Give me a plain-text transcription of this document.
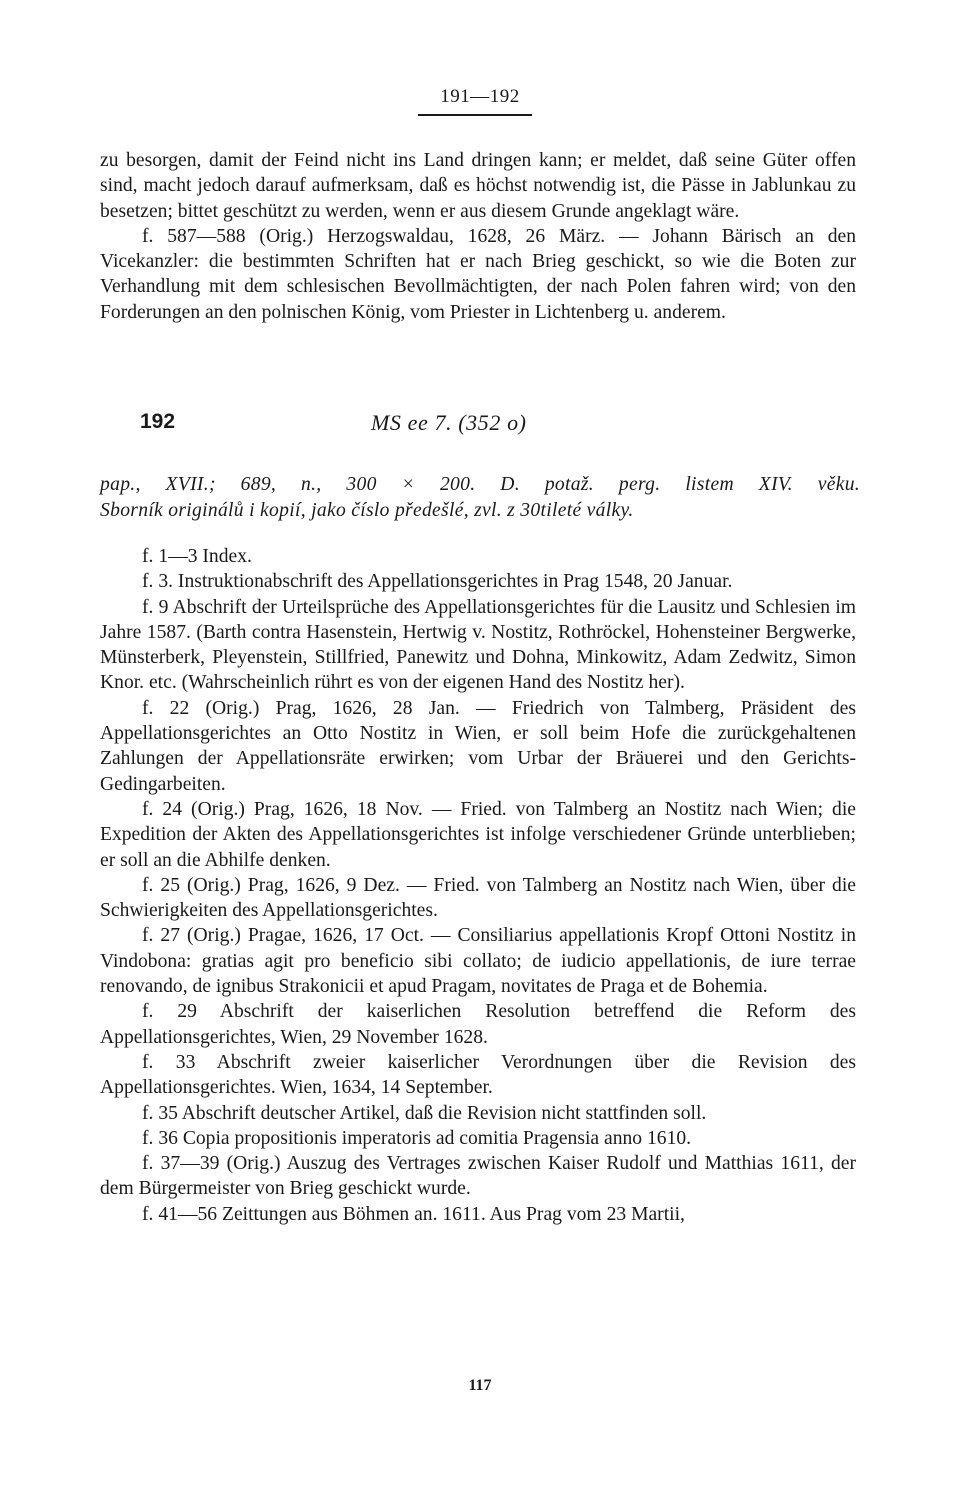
191—192

zu besorgen, damit der Feind nicht ins Land dringen kann; er meldet, daß seine Güter offen sind, macht jedoch darauf aufmerksam, daß es höchst notwendig ist, die Pässe in Jablunkau zu besetzen; bittet geschützt zu werden, wenn er aus diesem Grunde angeklagt wäre.

f. 587—588 (Orig.) Herzogswaldau, 1628, 26 März. — Johann Bärisch an den Vicekanzler: die bestimmten Schriften hat er nach Brieg geschickt, so wie die Boten zur Verhandlung mit dem schlesischen Bevollmächtigten, der nach Polen fahren wird; von den Forderungen an den polnischen König, vom Priester in Lichtenberg u. anderem.

192	MS ee 7. (352 o)

pap., XVII.; 689, n., 300 × 200. D. potaž. perg. listem XIV. věku.

Sborník originálů i kopií, jako číslo předešlé, zvl. z 30tileté války.

f. 1—3 Index.

f. 3. Instruktionabschrift des Appellationsgerichtes in Prag 1548, 20 Januar.

f. 9 Abschrift der Urteilsprüche des Appellationsgerichtes für die Lausitz und Schlesien im Jahre 1587. (Barth contra Hasenstein, Hertwig v. Nostitz, Rothröckel, Hohensteiner Bergwerke, Münsterberk, Pleyenstein, Stillfried, Panewitz und Dohna, Minkowitz, Adam Zedwitz, Simon Knor. etc. (Wahrscheinlich rührt es von der eigenen Hand des Nostitz her).

f. 22 (Orig.) Prag, 1626, 28 Jan. — Friedrich von Talmberg, Präsident des Appellationsgerichtes an Otto Nostitz in Wien, er soll beim Hofe die zurückgehaltenen Zahlungen der Appellationsräte erwirken; vom Urbar der Bräuerei und den Gerichts-Gedingarbeiten.

f. 24 (Orig.) Prag, 1626, 18 Nov. — Fried. von Talmberg an Nostitz nach Wien; die Expedition der Akten des Appellationsgerichtes ist infolge verschiedener Gründe unterblieben; er soll an die Abhilfe denken.

f. 25 (Orig.) Prag, 1626, 9 Dez. — Fried. von Talmberg an Nostitz nach Wien, über die Schwierigkeiten des Appellationsgerichtes.

f. 27 (Orig.) Pragae, 1626, 17 Oct. — Consiliarius appellationis Kropf Ottoni Nostitz in Vindobona: gratias agit pro beneficio sibi collato; de iudicio appellationis, de iure terrae renovando, de ignibus Strakonicii et apud Pragam, novitates de Praga et de Bohemia.

f. 29 Abschrift der kaiserlichen Resolution betreffend die Reform des Appellationsgerichtes, Wien, 29 November 1628.

f. 33 Abschrift zweier kaiserlicher Verordnungen über die Revision des Appellationsgerichtes. Wien, 1634, 14 September.

f. 35 Abschrift deutscher Artikel, daß die Revision nicht stattfinden soll.

f. 36 Copia propositionis imperatoris ad comitia Pragensia anno 1610.

f. 37—39 (Orig.) Auszug des Vertrages zwischen Kaiser Rudolf und Matthias 1611, der dem Bürgermeister von Brieg geschickt wurde.

f. 41—56 Zeittungen aus Böhmen an. 1611. Aus Prag vom 23 Martii,

117
